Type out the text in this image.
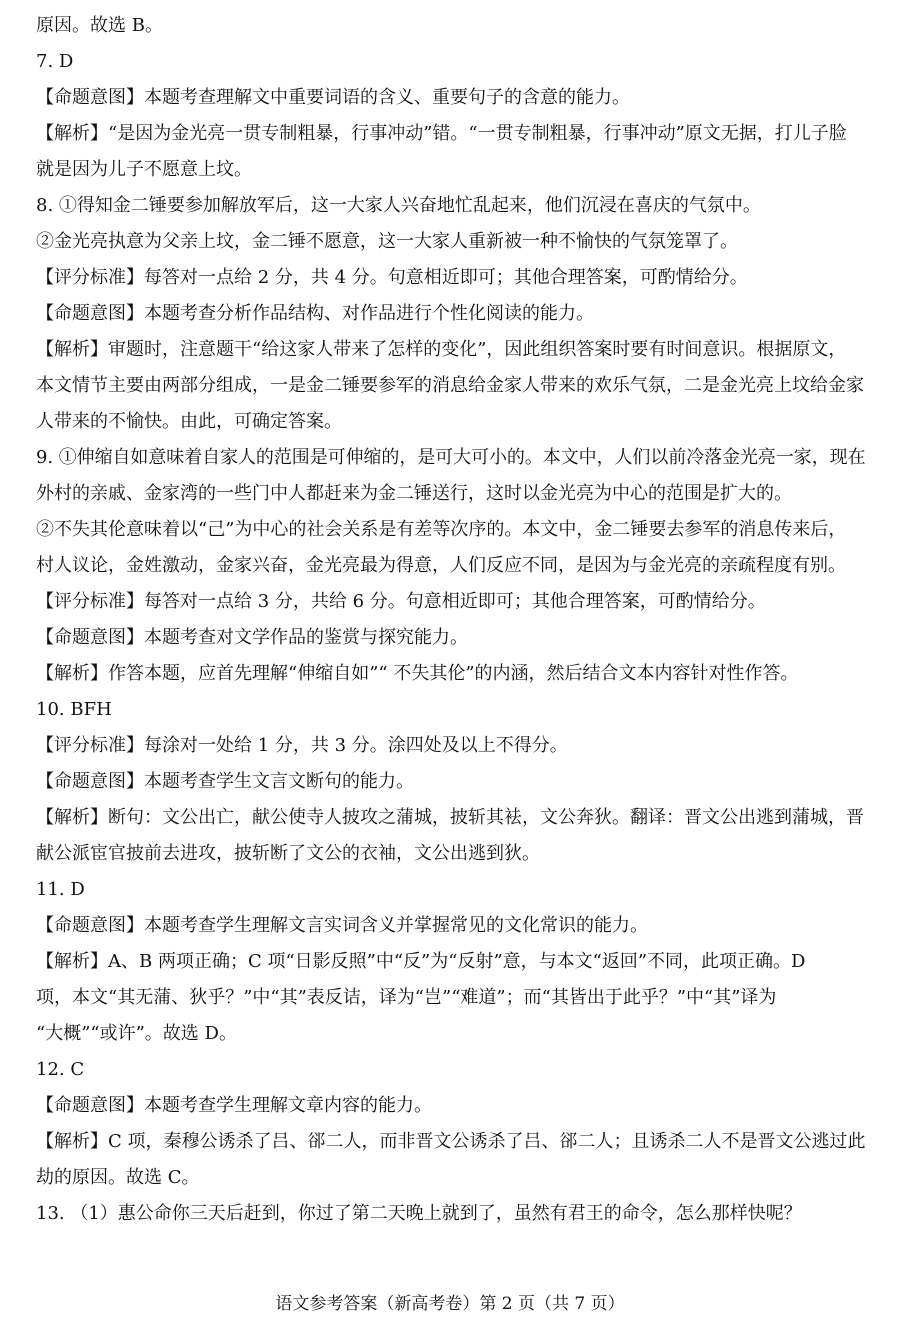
原因。故选 B。
7. D
【命题意图】本题考查理解文中重要词语的含义、重要句子的含意的能力。
【解析】“是因为金光亮一贯专制粗暴，行事冲动”错。“一贯专制粗暴，行事冲动”原文无据，打儿子脸
就是因为儿子不愿意上坟。
8. ①得知金二锤要参加解放军后，这一大家人兴奋地忙乱起来，他们沉浸在喜庆的气氛中。
②金光亮执意为父亲上坟，金二锤不愿意，这一大家人重新被一种不愉快的气氛笼罩了。
【评分标准】每答对一点给 2 分，共 4 分。句意相近即可；其他合理答案，可酌情给分。
【命题意图】本题考查分析作品结构、对作品进行个性化阅读的能力。
【解析】审题时，注意题干“给这家人带来了怎样的变化”，因此组织答案时要有时间意识。根据原文，
本文情节主要由两部分组成，一是金二锤要参军的消息给金家人带来的欢乐气氛，二是金光亮上坟给金家
人带来的不愉快。由此，可确定答案。
9. ①伸缩自如意味着自家人的范围是可伸缩的，是可大可小的。本文中，人们以前冷落金光亮一家，现在
外村的亲戚、金家湾的一些门中人都赶来为金二锤送行，这时以金光亮为中心的范围是扩大的。
②不失其伦意味着以“己”为中心的社会关系是有差等次序的。本文中，金二锤要去参军的消息传来后，
村人议论，金姓激动，金家兴奋，金光亮最为得意，人们反应不同，是因为与金光亮的亲疏程度有别。
【评分标准】每答对一点给 3 分，共给 6 分。句意相近即可；其他合理答案，可酌情给分。
【命题意图】本题考查对文学作品的鉴赏与探究能力。
【解析】作答本题，应首先理解“伸缩自如”“ 不失其伦”的内涵，然后结合文本内容针对性作答。
10. BFH
【评分标准】每涂对一处给 1 分，共 3 分。涂四处及以上不得分。
【命题意图】本题考查学生文言文断句的能力。
【解析】断句：文公出亡，献公使寺人披攻之蒲城，披斩其袪，文公奔狄。翻译：晋文公出逃到蒲城，晋
献公派宦官披前去进攻，披斩断了文公的衣袖，文公出逃到狄。
11. D
【命题意图】本题考查学生理解文言实词含义并掌握常见的文化常识的能力。
【解析】A、B 两项正确；C 项“日影反照”中“反”为“反射”意，与本文“返回”不同，此项正确。D
项，本文“其无蒲、狄乎？”中“其”表反诘，译为“岂”“难道”；而“其皆出于此乎？”中“其”译为
“大概”“或许”。故选 D。
12. C
【命题意图】本题考查学生理解文章内容的能力。
【解析】C 项，秦穆公诱杀了吕、郤二人，而非晋文公诱杀了吕、郤二人；且诱杀二人不是晋文公逃过此
劫的原因。故选 C。
13. （1）惠公命你三天后赶到，你过了第二天晚上就到了，虽然有君王的命令，怎么那样快呢？
语文参考答案（新高考卷）第 2 页（共 7 页）
